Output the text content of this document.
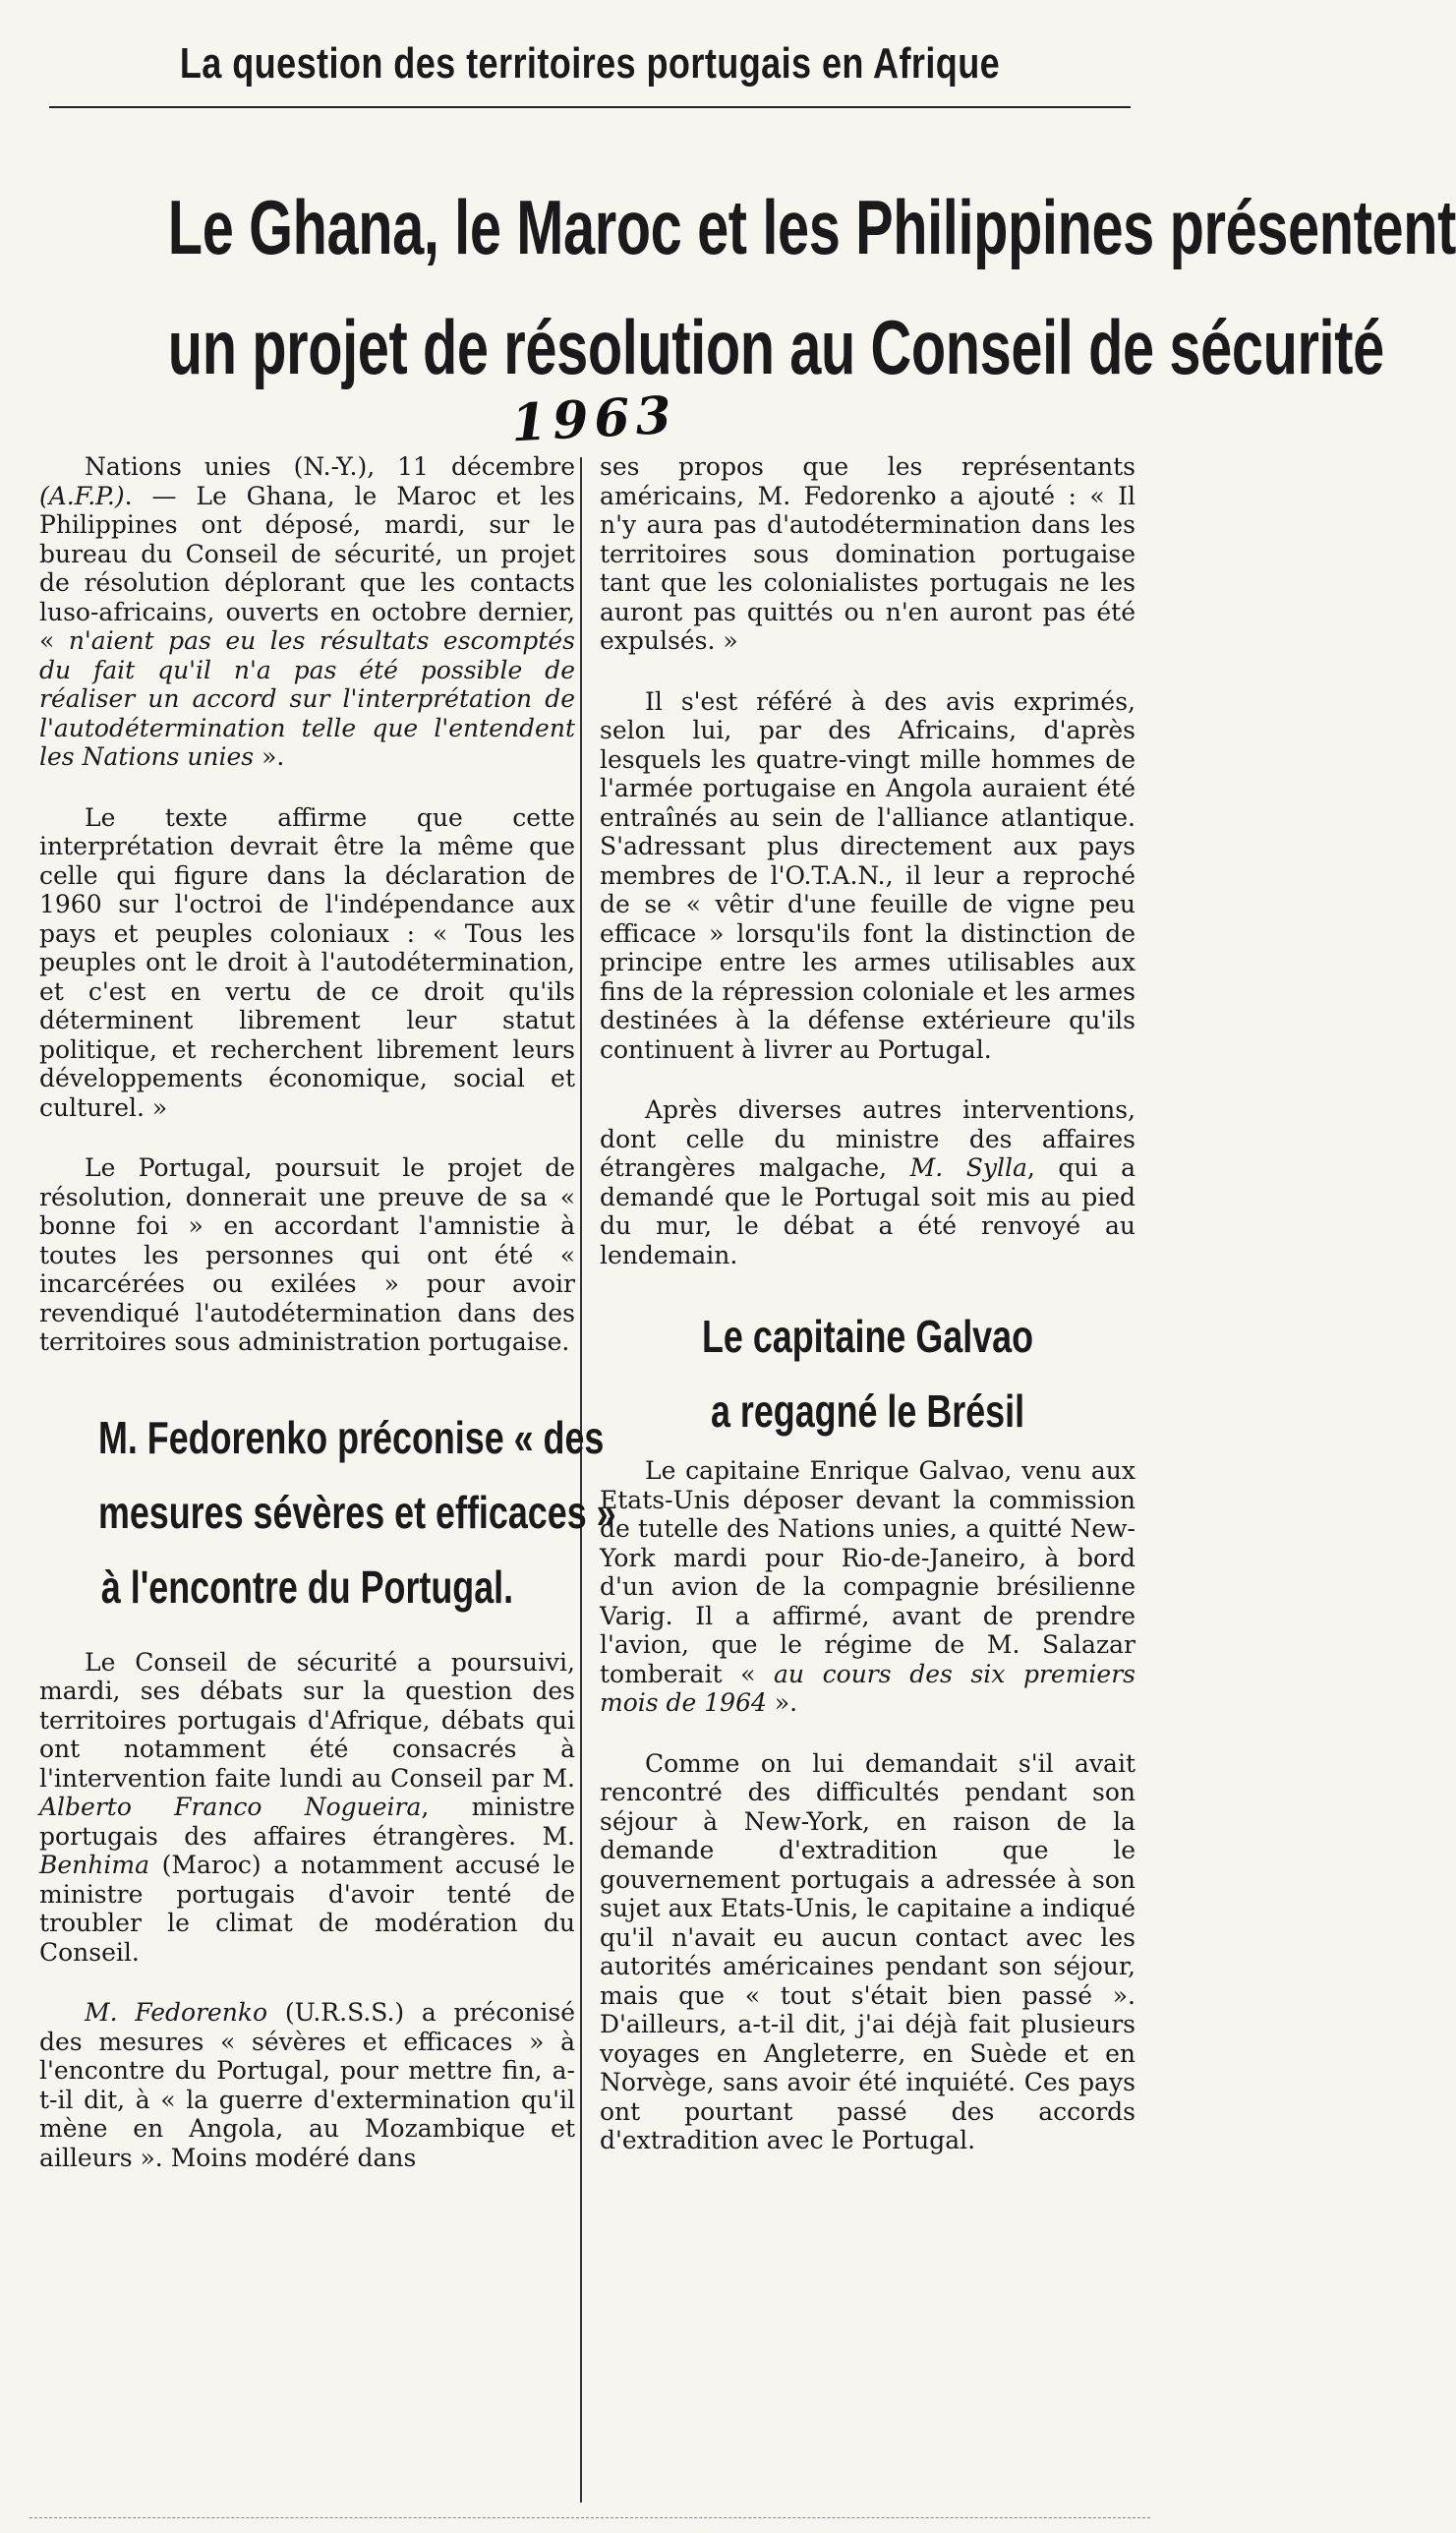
La question des territoires portugais en Afrique
Le Ghana, le Maroc et les Philippines présentent
un projet de résolution au Conseil de sécurité
1963

Nations unies (N.-Y.), 11 décembre (A.F.P.). — Le Ghana, le Maroc et les Philippines ont déposé, mardi, sur le bureau du Conseil de sécurité, un projet de résolution déplorant que les contacts luso-africains, ouverts en octobre dernier, « n'aient pas eu les résultats escomptés du fait qu'il n'a pas été possible de réaliser un accord sur l'interprétation de l'autodétermination telle que l'entendent les Nations unies ».

Le texte affirme que cette interprétation devrait être la même que celle qui figure dans la déclaration de 1960 sur l'octroi de l'indépendance aux pays et peuples coloniaux : « Tous les peuples ont le droit à l'autodétermination, et c'est en vertu de ce droit qu'ils déterminent librement leur statut politique, et recherchent librement leurs développements économique, social et culturel. »

Le Portugal, poursuit le projet de résolution, donnerait une preuve de sa « bonne foi » en accordant l'amnistie à toutes les personnes qui ont été « incarcérées ou exilées » pour avoir revendiqué l'autodétermination dans des territoires sous administration portugaise.

M. Fedorenko préconise « des
mesures sévères et efficaces »
à l'encontre du Portugal.

Le Conseil de sécurité a poursuivi, mardi, ses débats sur la question des territoires portugais d'Afrique, débats qui ont notamment été consacrés à l'intervention faite lundi au Conseil par M. Alberto Franco Nogueira, ministre portugais des affaires étrangères. M. Benhima (Maroc) a notamment accusé le ministre portugais d'avoir tenté de troubler le climat de modération du Conseil.

M. Fedorenko (U.R.S.S.) a préconisé des mesures « sévères et efficaces » à l'encontre du Portugal, pour mettre fin, a-t-il dit, à « la guerre d'extermination qu'il mène en Angola, au Mozambique et ailleurs ». Moins modéré dans

ses propos que les représentants américains, M. Fedorenko a ajouté : « Il n'y aura pas d'autodétermination dans les territoires sous domination portugaise tant que les colonialistes portugais ne les auront pas quittés ou n'en auront pas été expulsés. »

Il s'est référé à des avis exprimés, selon lui, par des Africains, d'après lesquels les quatre-vingt mille hommes de l'armée portugaise en Angola auraient été entraînés au sein de l'alliance atlantique. S'adressant plus directement aux pays membres de l'O.T.A.N., il leur a reproché de se « vêtir d'une feuille de vigne peu efficace » lorsqu'ils font la distinction de principe entre les armes utilisables aux fins de la répression coloniale et les armes destinées à la défense extérieure qu'ils continuent à livrer au Portugal.

Après diverses autres interventions, dont celle du ministre des affaires étrangères malgache, M. Sylla, qui a demandé que le Portugal soit mis au pied du mur, le débat a été renvoyé au lendemain.

Le capitaine Galvao
a regagné le Brésil

Le capitaine Enrique Galvao, venu aux Etats-Unis déposer devant la commission de tutelle des Nations unies, a quitté New-York mardi pour Rio-de-Janeiro, à bord d'un avion de la compagnie brésilienne Varig. Il a affirmé, avant de prendre l'avion, que le régime de M. Salazar tomberait « au cours des six premiers mois de 1964 ».

Comme on lui demandait s'il avait rencontré des difficultés pendant son séjour à New-York, en raison de la demande d'extradition que le gouvernement portugais a adressée à son sujet aux Etats-Unis, le capitaine a indiqué qu'il n'avait eu aucun contact avec les autorités américaines pendant son séjour, mais que « tout s'était bien passé ». D'ailleurs, a-t-il dit, j'ai déjà fait plusieurs voyages en Angleterre, en Suède et en Norvège, sans avoir été inquiété. Ces pays ont pourtant passé des accords d'extradition avec le Portugal.
